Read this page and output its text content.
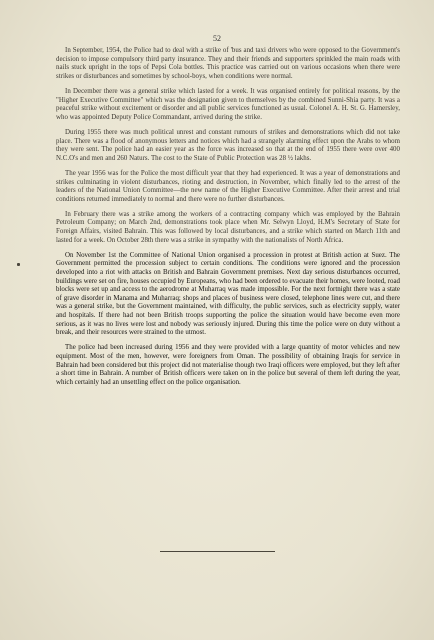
52

In September, 1954, the Police had to deal with a strike of 'bus and taxi drivers who were opposed to the Government's decision to impose compulsory third party insurance. They and their friends and supporters sprinkled the main roads with nails stuck upright in the tops of Pepsi Cola bottles. This practice was carried out on various occasions when there were strikes or disturbances and sometimes by school-boys, when conditions were normal.

In December there was a general strike which lasted for a week. It was organised entirely for political reasons, by the "Higher Executive Committee" which was the designation given to themselves by the combined Sunni-Shia party. It was a peaceful strike without excitement or disorder and all public services functioned as usual. Colonel A. H. St. G. Hamersley, who was appointed Deputy Police Commandant, arrived during the strike.

During 1955 there was much political unrest and constant rumours of strikes and demonstrations which did not take place. There was a flood of anonymous letters and notices which had a strangely alarming effect upon the Arabs to whom they were sent. The police had an easier year as the force was increased so that at the end of 1955 there were over 400 N.C.O's and men and 260 Naturs. The cost to the State of Public Protection was 28 ½ lakhs.

The year 1956 was for the Police the most difficult year that they had experienced. It was a year of demonstrations and strikes culminating in violent disturbances, rioting and destruction, in November, which finally led to the arrest of the leaders of the National Union Committee—the new name of the Higher Executive Committee. After their arrest and trial conditions returned immediately to normal and there were no further disturbances.

In February there was a strike among the workers of a contracting company which was employed by the Bahrain Petroleum Company; on March 2nd, demonstrations took place when Mr. Selwyn Lloyd, H.M's Secretary of State for Foreign Affairs, visited Bahrain. This was followed by local disturbances, and a strike which started on March 11th and lasted for a week. On October 28th there was a strike in sympathy with the nationalists of North Africa.

On November 1st the Committee of National Union organised a procession in protest at British action at Suez. The Government permitted the procession subject to certain conditions. The conditions were ignored and the procession developed into a riot with attacks on British and Bahrain Government premises. Next day serious disturbances occurred, buildings were set on fire, houses occupied by Europeans, who had been ordered to evacuate their homes, were looted, road blocks were set up and access to the aerodrome at Muharraq was made impossible. For the next fortnight there was a state of grave disorder in Manama and Muharraq; shops and places of business were closed, telephone lines were cut, and there was a general strike, but the Government maintained, with difficulty, the public services, such as electricity supply, water and hospitals. If there had not been British troops supporting the police the situation would have become even more serious, as it was no lives were lost and nobody was seriously injured. During this time the police were on duty without a break, and their resources were strained to the utmost.

The police had been increased during 1956 and they were provided with a large quantity of motor vehicles and new equipment. Most of the men, however, were foreigners from Oman. The possibility of obtaining Iraqis for service in Bahrain had been considered but this project did not materialise though two Iraqi officers were employed, but they left after a short time in Bahrain. A number of British officers were taken on in the police but several of them left during the year, which certainly had an unsettling effect on the police organisation.
